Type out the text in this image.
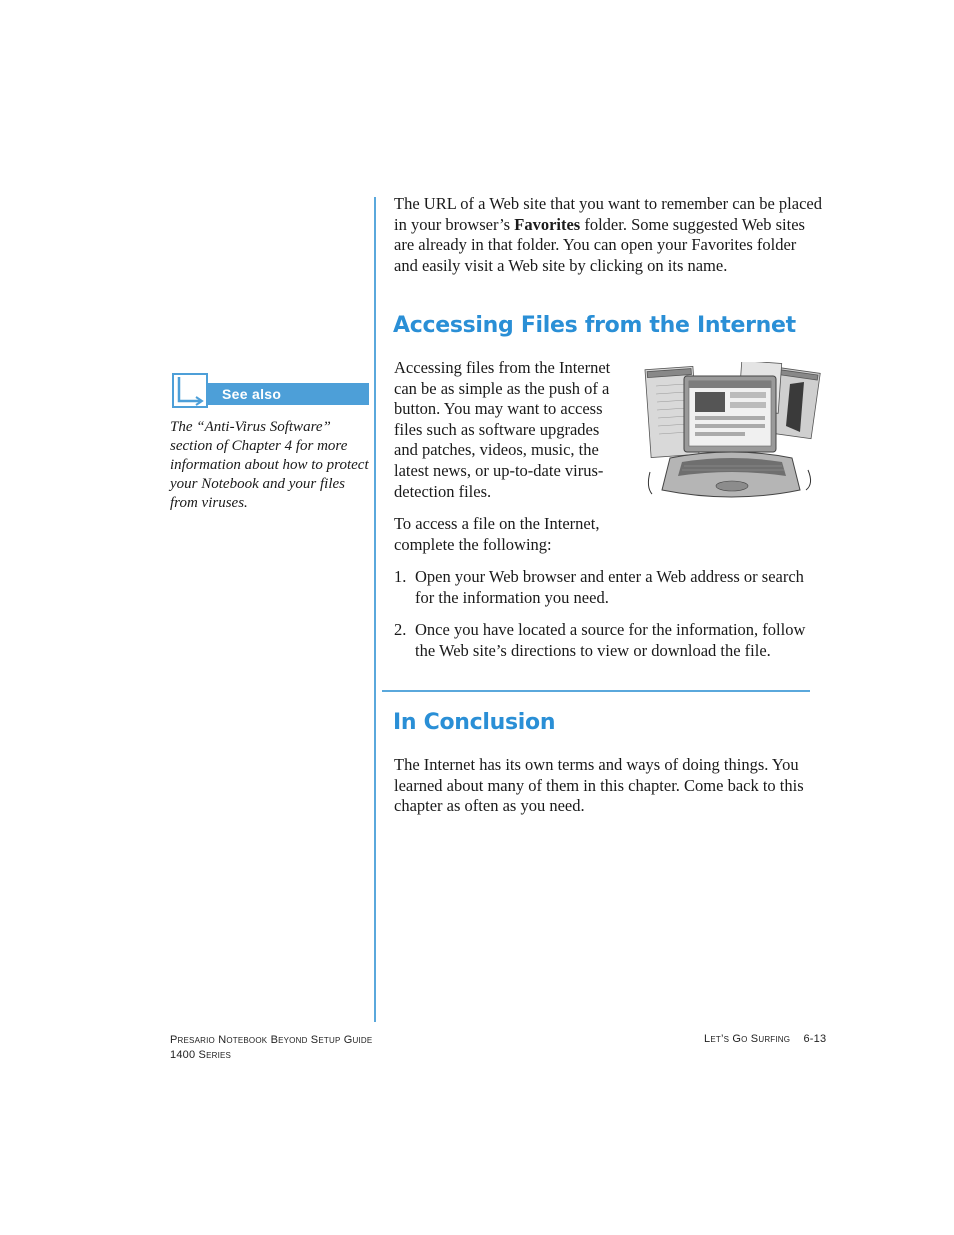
The URL of a Web site that you want to remember can be placed in your browser’s Favorites folder. Some suggested Web sites are already in that folder. You can open your Favorites folder and easily visit a Web site by clicking on its name.

Accessing Files from the Internet

Accessing files from the Internet can be as simple as the push of a button. You may want to access files such as software upgrades and patches, videos, music, the latest news, or up-to-date virus-detection files.

To access a file on the Internet, complete the following:

1. Open your Web browser and enter a Web address or search for the information you need.
2. Once you have located a source for the information, follow the Web site’s directions to view or download the file.
See also

The “Anti-Virus Software” section of Chapter 4 for more information about how to protect your Notebook and your files from viruses.

In Conclusion

The Internet has its own terms and ways of doing things. You learned about many of them in this chapter. Come back to this chapter as often as you need.

Presario Notebook Beyond Setup Guide
1400 Series
Let’s Go Surfing 6-13
